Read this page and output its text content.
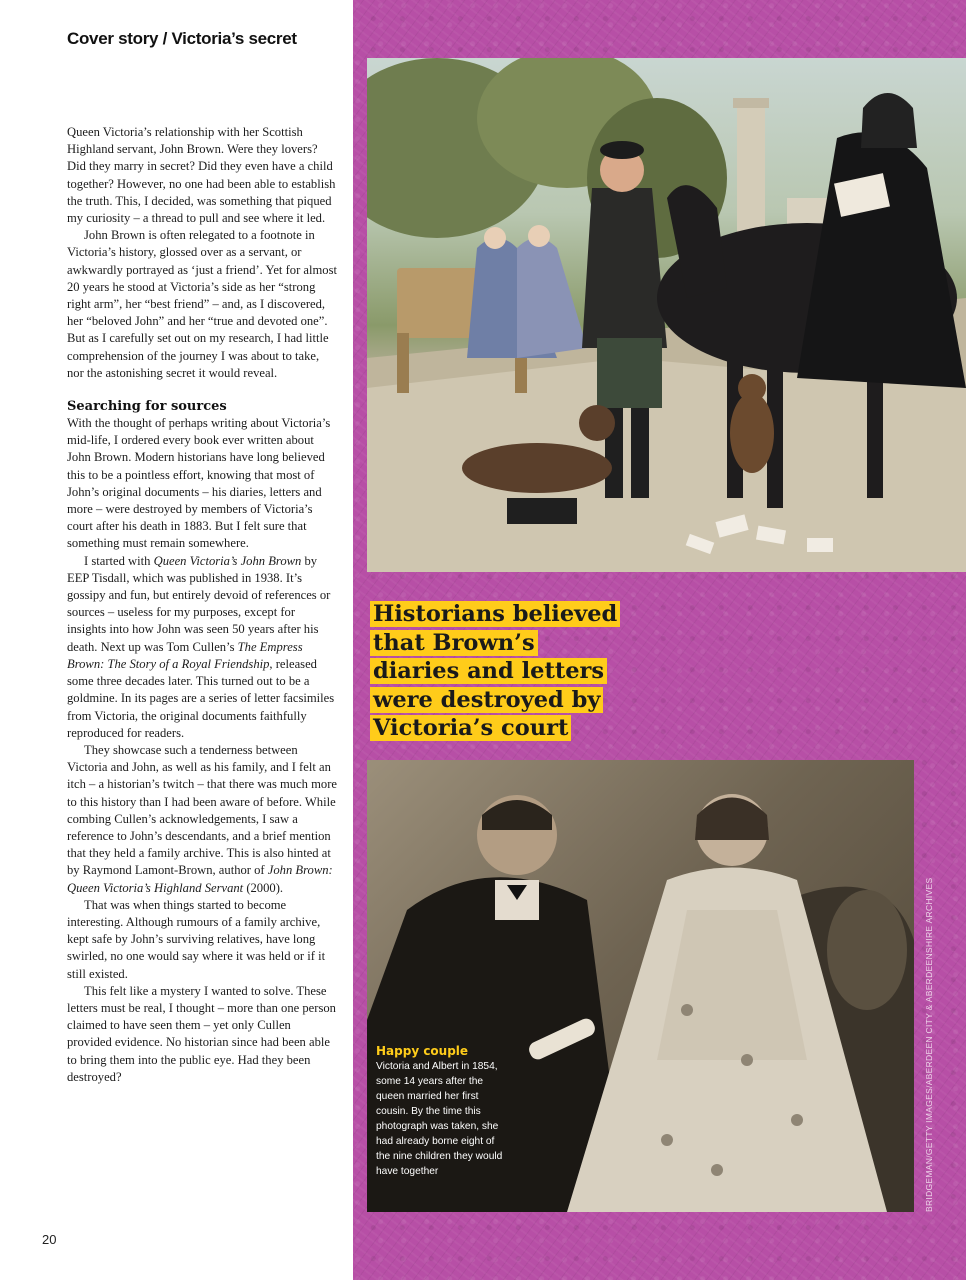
Cover story / Victoria’s secret

Queen Victoria’s relationship with her Scottish Highland servant, John Brown. Were they lovers? Did they marry in secret? Did they even have a child together? However, no one had been able to establish the truth. This, I decided, was something that piqued my curiosity – a thread to pull and see where it led.

John Brown is often relegated to a footnote in Victoria’s history, glossed over as a servant, or awkwardly portrayed as ‘just a friend’. Yet for almost 20 years he stood at Victoria’s side as her “strong right arm”, her “best friend” – and, as I discovered, her “beloved John” and her “true and devoted one”. But as I carefully set out on my research, I had little comprehension of the journey I was about to take, nor the astonishing secret it would reveal.

Searching for sources

With the thought of perhaps writing about Victoria’s mid-life, I ordered every book ever written about John Brown. Modern historians have long believed this to be a pointless effort, knowing that most of John’s original documents – his diaries, letters and more – were destroyed by members of Victoria’s court after his death in 1883. But I felt sure that something must remain somewhere.

I started with Queen Victoria’s John Brown by EEP Tisdall, which was published in 1938. It’s gossipy and fun, but entirely devoid of references or sources – useless for my purposes, except for insights into how John was seen 50 years after his death. Next up was Tom Cullen’s The Empress Brown: The Story of a Royal Friendship, released some three decades later. This turned out to be a goldmine. In its pages are a series of letter facsimiles from Victoria, the original documents faithfully reproduced for readers.

They showcase such a tenderness between Victoria and John, as well as his family, and I felt an itch – a historian’s twitch – that there was much more to this history than I had been aware of before. While combing Cullen’s acknowledgements, I saw a reference to John’s descendants, and a brief mention that they held a family archive. This is also hinted at by Raymond Lamont-Brown, author of John Brown: Queen Victoria’s Highland Servant (2000).

That was when things started to become interesting. Although rumours of a family archive, kept safe by John’s surviving relatives, have long swirled, no one would say where it was held or if it still existed.

This felt like a mystery I wanted to solve. These letters must be real, I thought – more than one person claimed to have seen them – yet only Cullen provided evidence. No historian since had been able to bring them into the public eye. Had they been destroyed?

20
Historians believed
that Brown’s
diaries and letters
were destroyed by
Victoria’s court
Happy couple
Victoria and Albert in 1854, some 14 years after the queen married her first cousin. By the time this photograph was taken, she had already borne eight of the nine children they would have together	BRIDGEMAN/GETTY IMAGES/ABERDEEN CITY & ABERDEENSHIRE ARCHIVES
